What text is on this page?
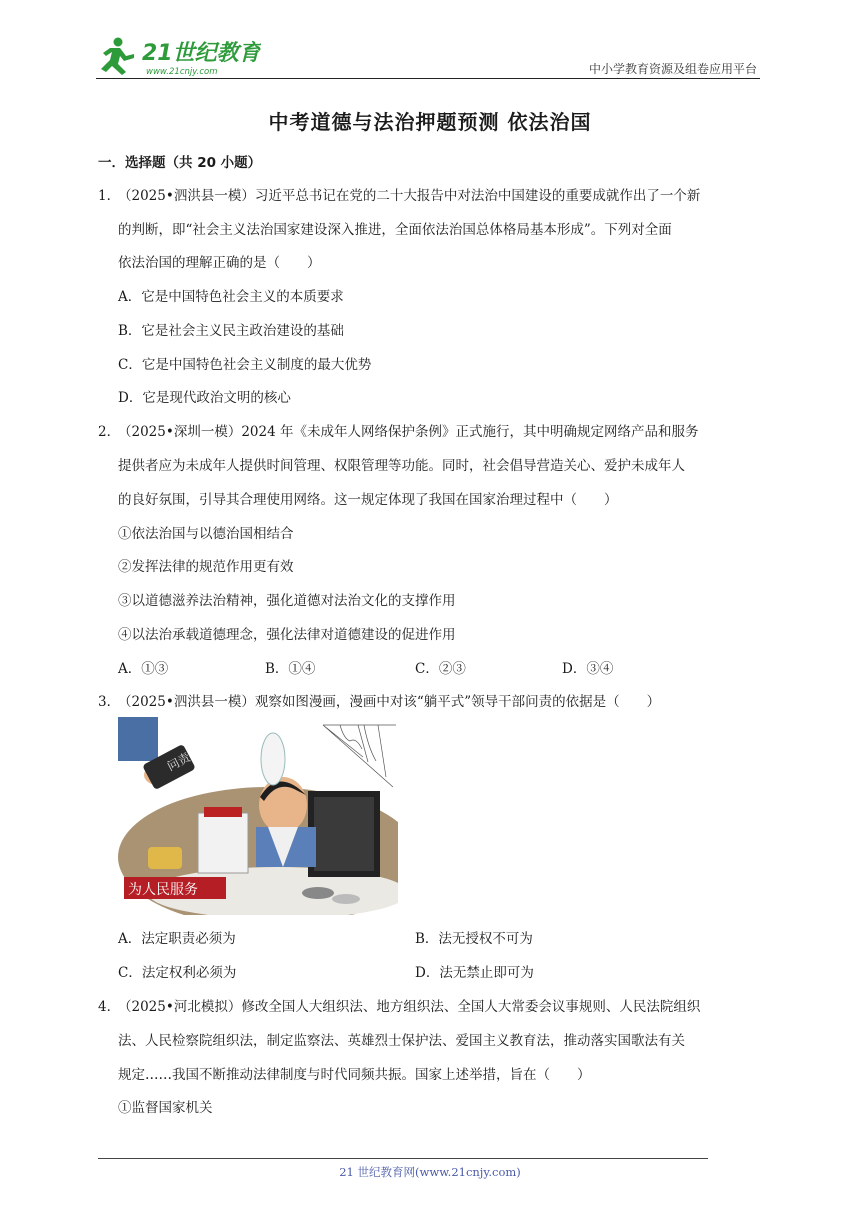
21世纪教育
www.21cnjy.com	中小学教育资源及组卷应用平台
中考道德与法治押题预测 依法治国
一．选择题（共 20 小题）
1．
（2025•泗洪县一模）习近平总书记在党的二十大报告中对法治中国建设的重要成就作出了一个新
的判断，即“社会主义法治国家建设深入推进，全面依法治国总体格局基本形成”。下列对全面
依法治国的理解正确的是（　　）
A．它是中国特色社会主义的本质要求
B．它是社会主义民主政治建设的基础
C．它是中国特色社会主义制度的最大优势
D．它是现代政治文明的核心
2．
（2025•深圳一模）2024 年《未成年人网络保护条例》正式施行，其中明确规定网络产品和服务
提供者应为未成年人提供时间管理、权限管理等功能。同时，社会倡导营造关心、爱护未成年人
的良好氛围，引导其合理使用网络。这一规定体现了我国在国家治理过程中（　　）
①依法治国与以德治国相结合
②发挥法律的规范作用更有效
③以道德滋养法治精神，强化道德对法治文化的支撑作用
④以法治承载道德理念，强化法律对道德建设的促进作用
A．①③	B．①④	C．②③	D．③④
3．
（2025•泗洪县一模）观察如图漫画，漫画中对该“躺平式”领导干部问责的依据是（　　）
问责
为人民服务
A．法定职责必须为	B．法无授权不可为
C．法定权利必须为	D．法无禁止即可为
4．
（2025•河北模拟）修改全国人大组织法、地方组织法、全国人大常委会议事规则、人民法院组织
法、人民检察院组织法，制定监察法、英雄烈士保护法、爱国主义教育法，推动落实国歌法有关
规定……我国不断推动法律制度与时代同频共振。国家上述举措，旨在（　　）
①监督国家机关
21 世纪教育网(www.21cnjy.com)
